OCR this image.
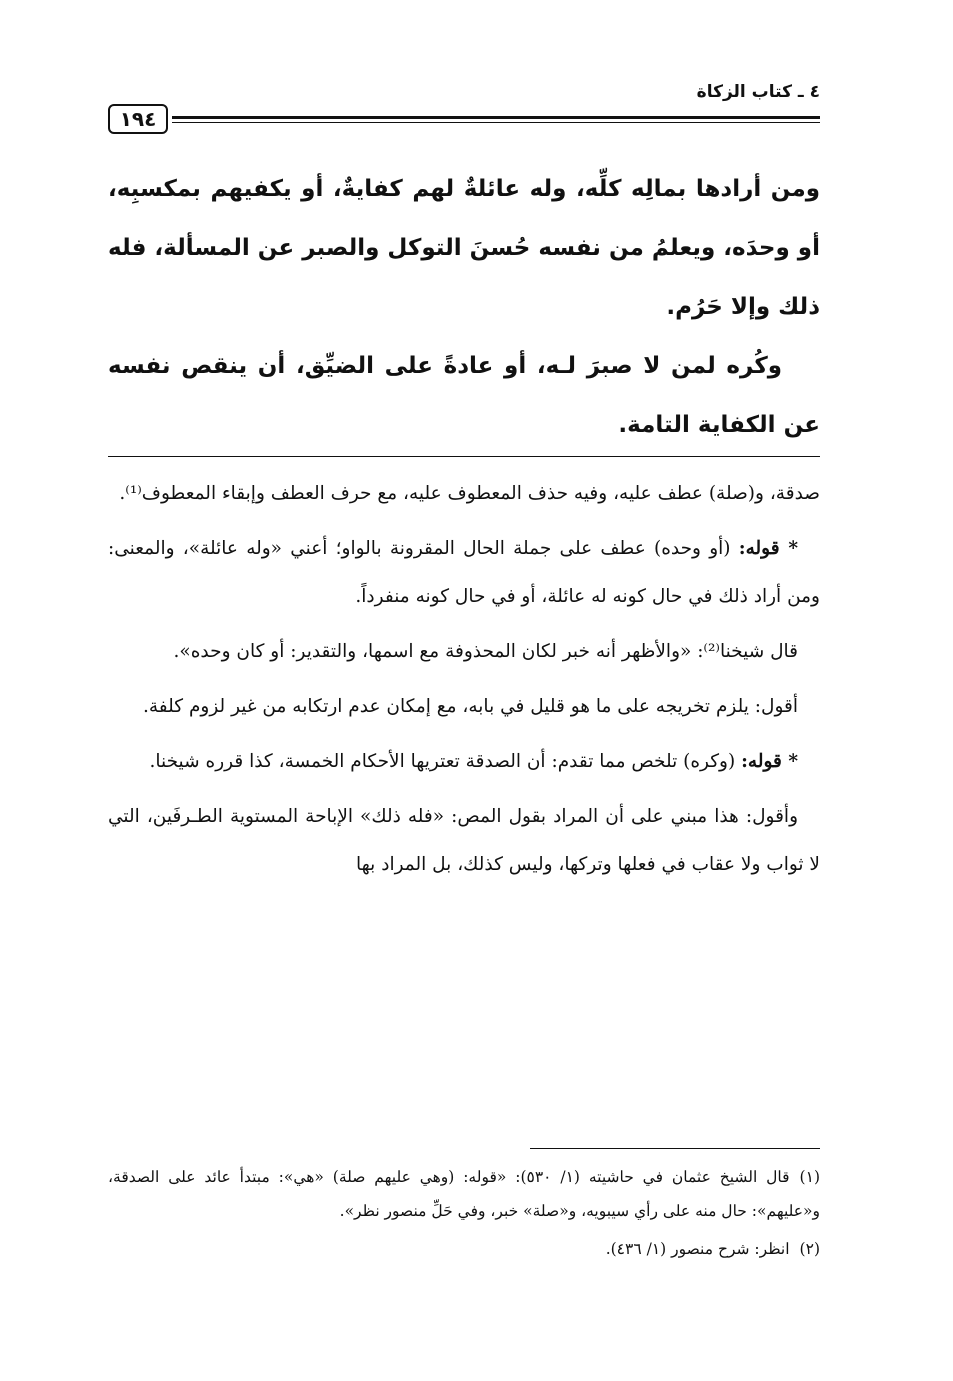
٤ ـ كتاب الزكاة
١٩٤

ومن أرادها بمالِه كلِّه، وله عائلةٌ لهم كفايةٌ، أو يكفيهم بمكسبِه، أو وحدَه، ويعلمُ من نفسه حُسنَ التوكل والصبر عن المسألة، فله ذلك وإلا حَرُم.

وكُره لمن لا صبرَ لـه، أو عادةً على الضيِّق، أن ينقص نفسه عن الكفاية التامة.

صدقة، و(صلة) عطف عليه، وفيه حذف المعطوف عليه، مع حرف العطف وإبقاء المعطوف⁽¹⁾.

* قوله: (أو وحده) عطف على جملة الحال المقرونة بالواو؛ أعني «وله عائلة»، والمعنى: ومن أراد ذلك في حال كونه له عائلة، أو في حال كونه منفرداً.

قال شيخنا⁽²⁾: «والأظهر أنه خبر لكان المحذوفة مع اسمها، والتقدير: أو كان وحده».

أقول: يلزم تخريجه على ما هو قليل في بابه، مع إمكان عدم ارتكابه من غير لزوم كلفة.

* قوله: (وكره) تلخص مما تقدم: أن الصدقة تعتريها الأحكام الخمسة، كذا قرره شيخنا.

وأقول: هذا مبني على أن المراد بقول المص: «فله ذلك» الإباحة المستوية الطـرفَين، التي لا ثواب ولا عقاب في فعلها وتركها، وليس كذلك، بل المراد بها

(١)قال الشيخ عثمان في حاشيته (١/ ٥٣٠): «قوله: (وهي عليهم صلة) «هي»: مبتدأ عائد على الصدقة، و«عليهم»: حال منه على رأي سيبويه، و«صلة» خبر، وفي حَلِّ منصور نظر».

(٢)انظر: شرح منصور (١/ ٤٣٦).
